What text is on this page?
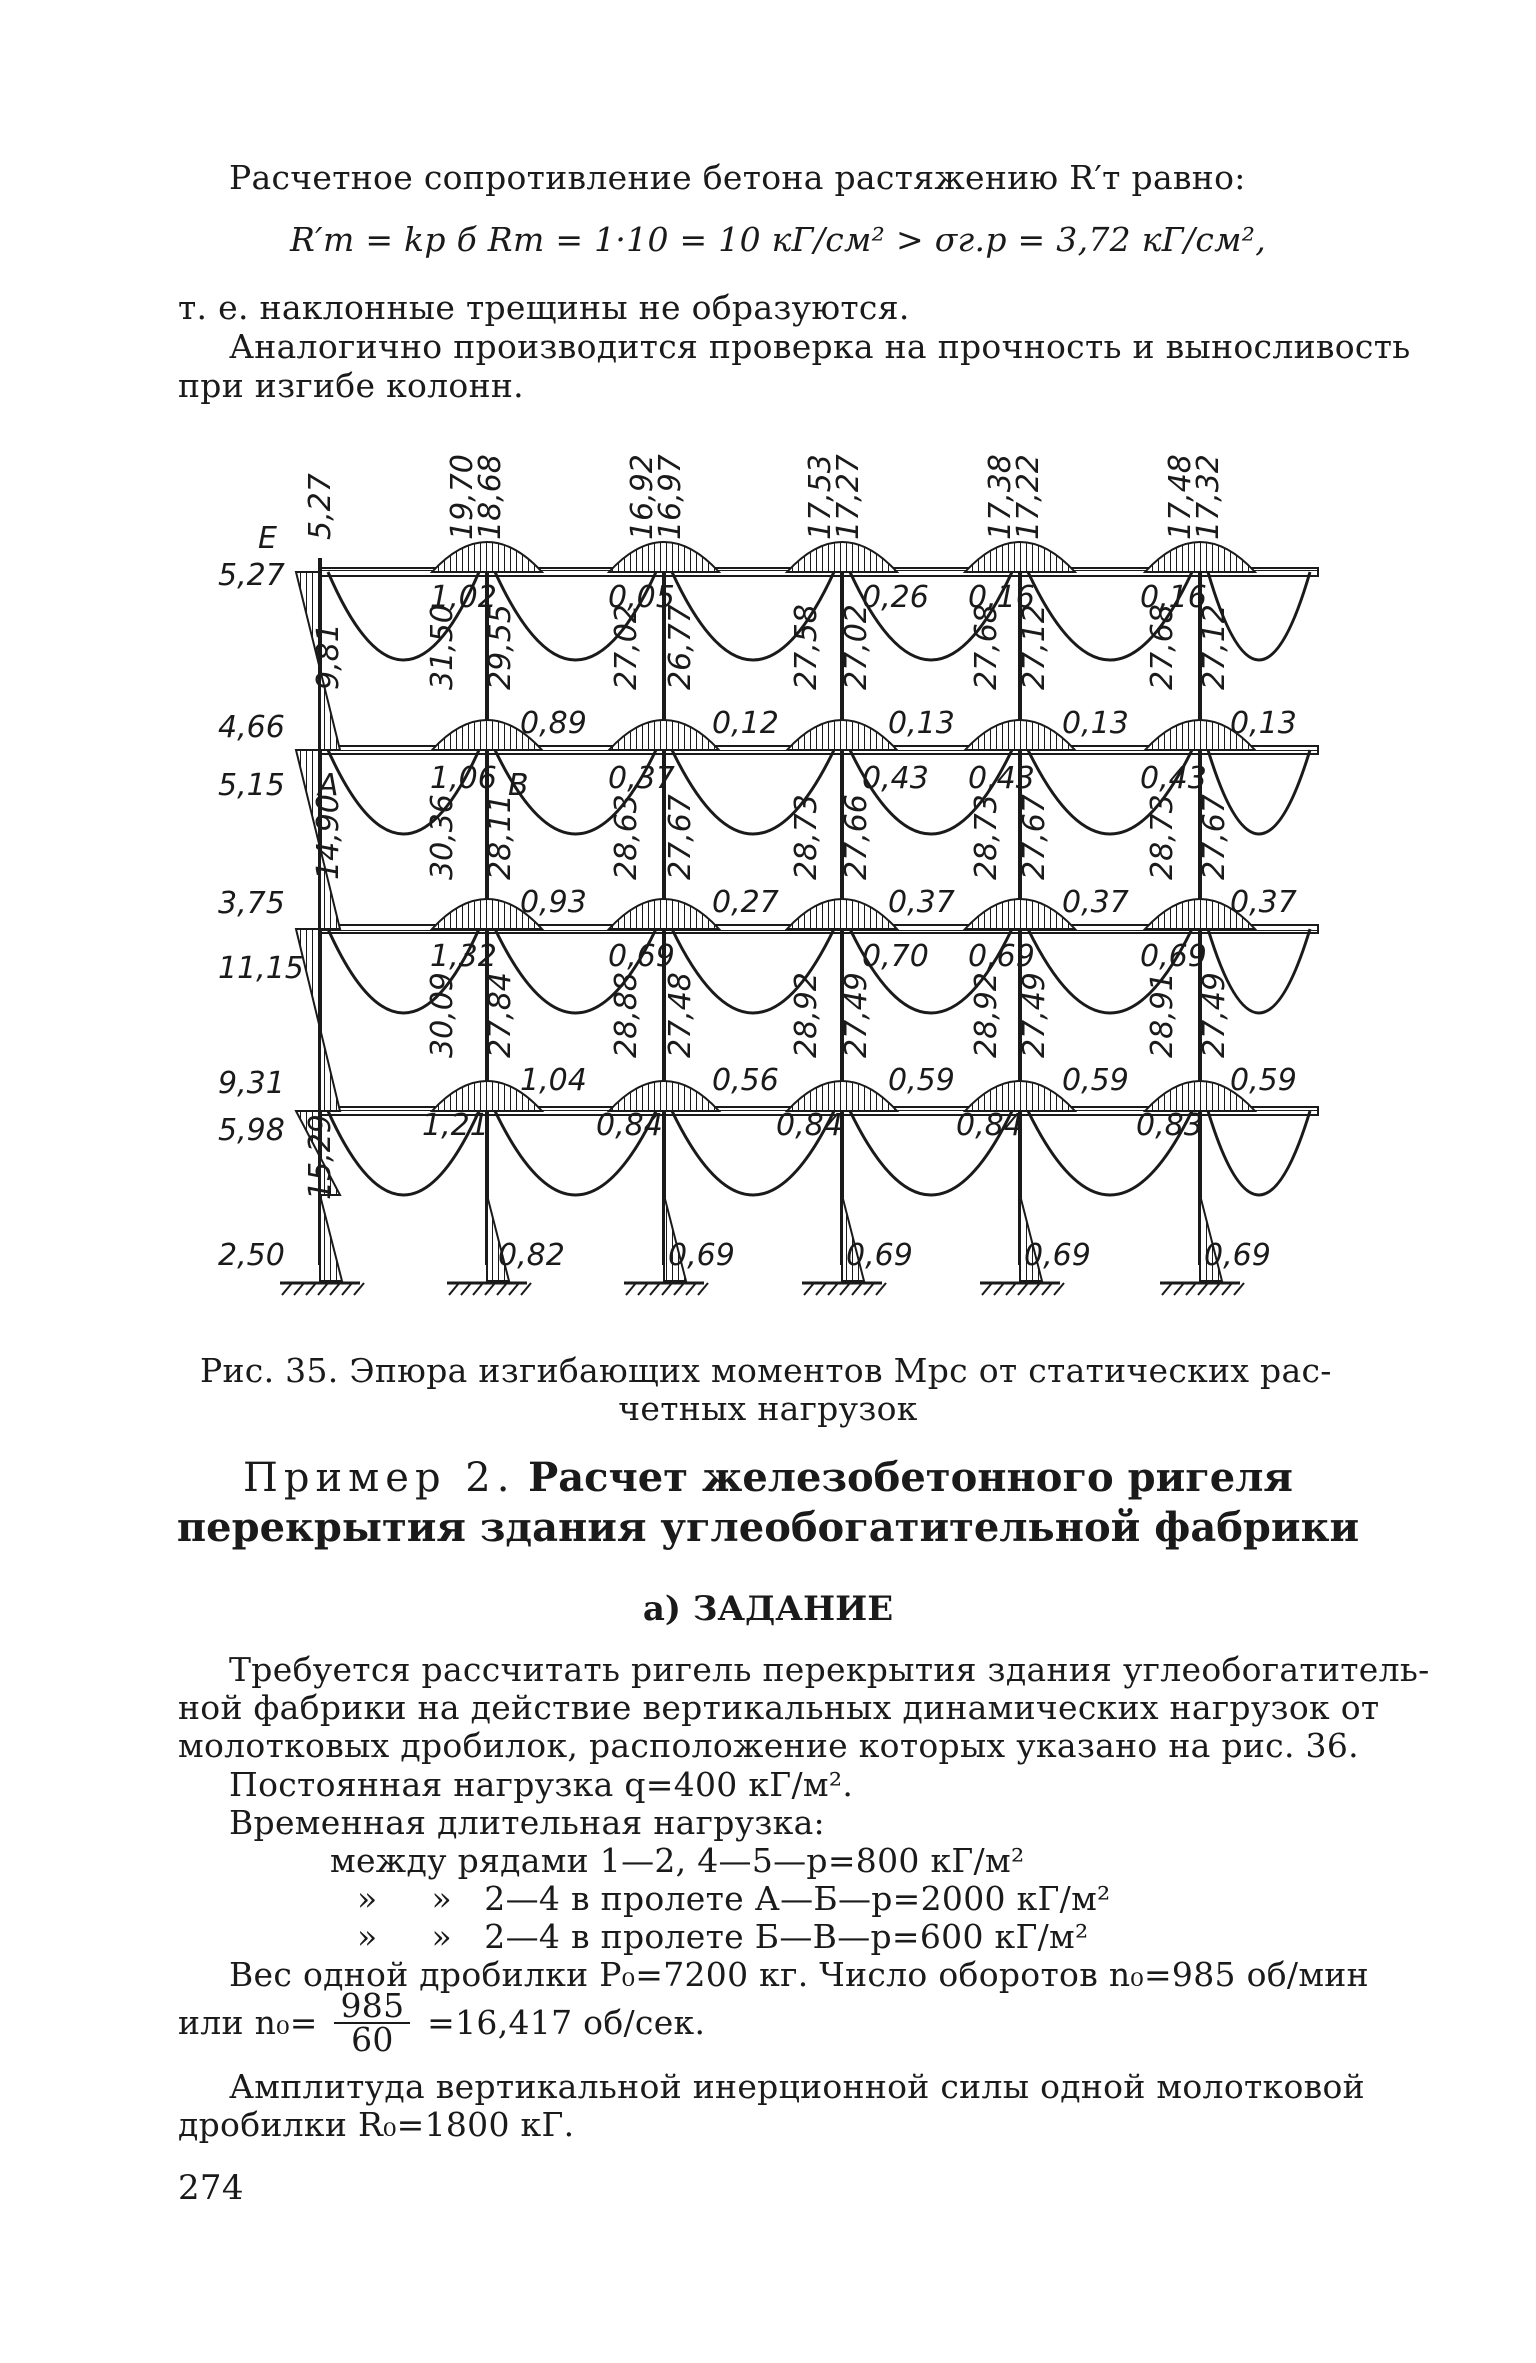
Расчетное сопротивление бетона растяжению R′т равно:
R′т = kр б Rт = 1·10 = 10 кГ/см² > σг.р = 3,72 кГ/см²,
т. е. наклонные трещины не образуются.
Аналогично производится проверка на прочность и выносливость
при изгибе колонн.
19,70
18,68	16,92
16,97	17,53
17,27	17,38
17,22	17,48
17,32
5,27
E
5,27
4,66
5,15
3,75
11,15
9,31
5,98
2,50
A	B
1,02	0,05	0,26 0,16	0,16
0,89	0,12	0,13	0,13	0,13
9,81	31,50 29,55	27,02 26,77	27,58 27,02	27,68 27,12	27,68 27,12
1,06	0,37	0,43 0,43	0,43
0,93	0,27	0,37	0,37	0,37
14,90	30,36 28,11	28,63 27,67	28,73 27,66	28,73 27,67	28,73 27,67
1,32	0,69	0,70 0,69	0,69
1,04	0,56	0,59	0,59	0,59
30,09 27,84	28,88 27,48	28,92 27,49	28,92 27,49	28,91 27,49
1,21	0,84	0,84	0,84	0,83
15,29
0,82	0,69	0,69	0,69	0,69
Рис. 35. Эпюра изгибающих моментов Мpс от статических рас-
четных нагрузок
Пример 2. Расчет железобетонного ригеля
перекрытия здания углеобогатительной фабрики
а) ЗАДАНИЕ
Требуется рассчитать ригель перекрытия здания углеобогатитель-
ной фабрики на действие вертикальных динамических нагрузок от
молотковых дробилок, расположение которых указано на рис. 36.
Постоянная нагрузка q=400 кГ/м².
Временная длительная нагрузка:
между рядами 1—2, 4—5—p=800 кГ/м²
»     »   2—4 в пролете А—Б—p=2000 кГ/м²
»     »   2—4 в пролете Б—В—p=600 кГ/м²
Вес одной дробилки P₀=7200 кг. Число оборотов n₀=985 об/мин
или $n_0= \frac{985}{60} =16,417$ об/сек.
Амплитуда вертикальной инерционной силы одной молотковой
дробилки R₀=1800 кГ.
274
